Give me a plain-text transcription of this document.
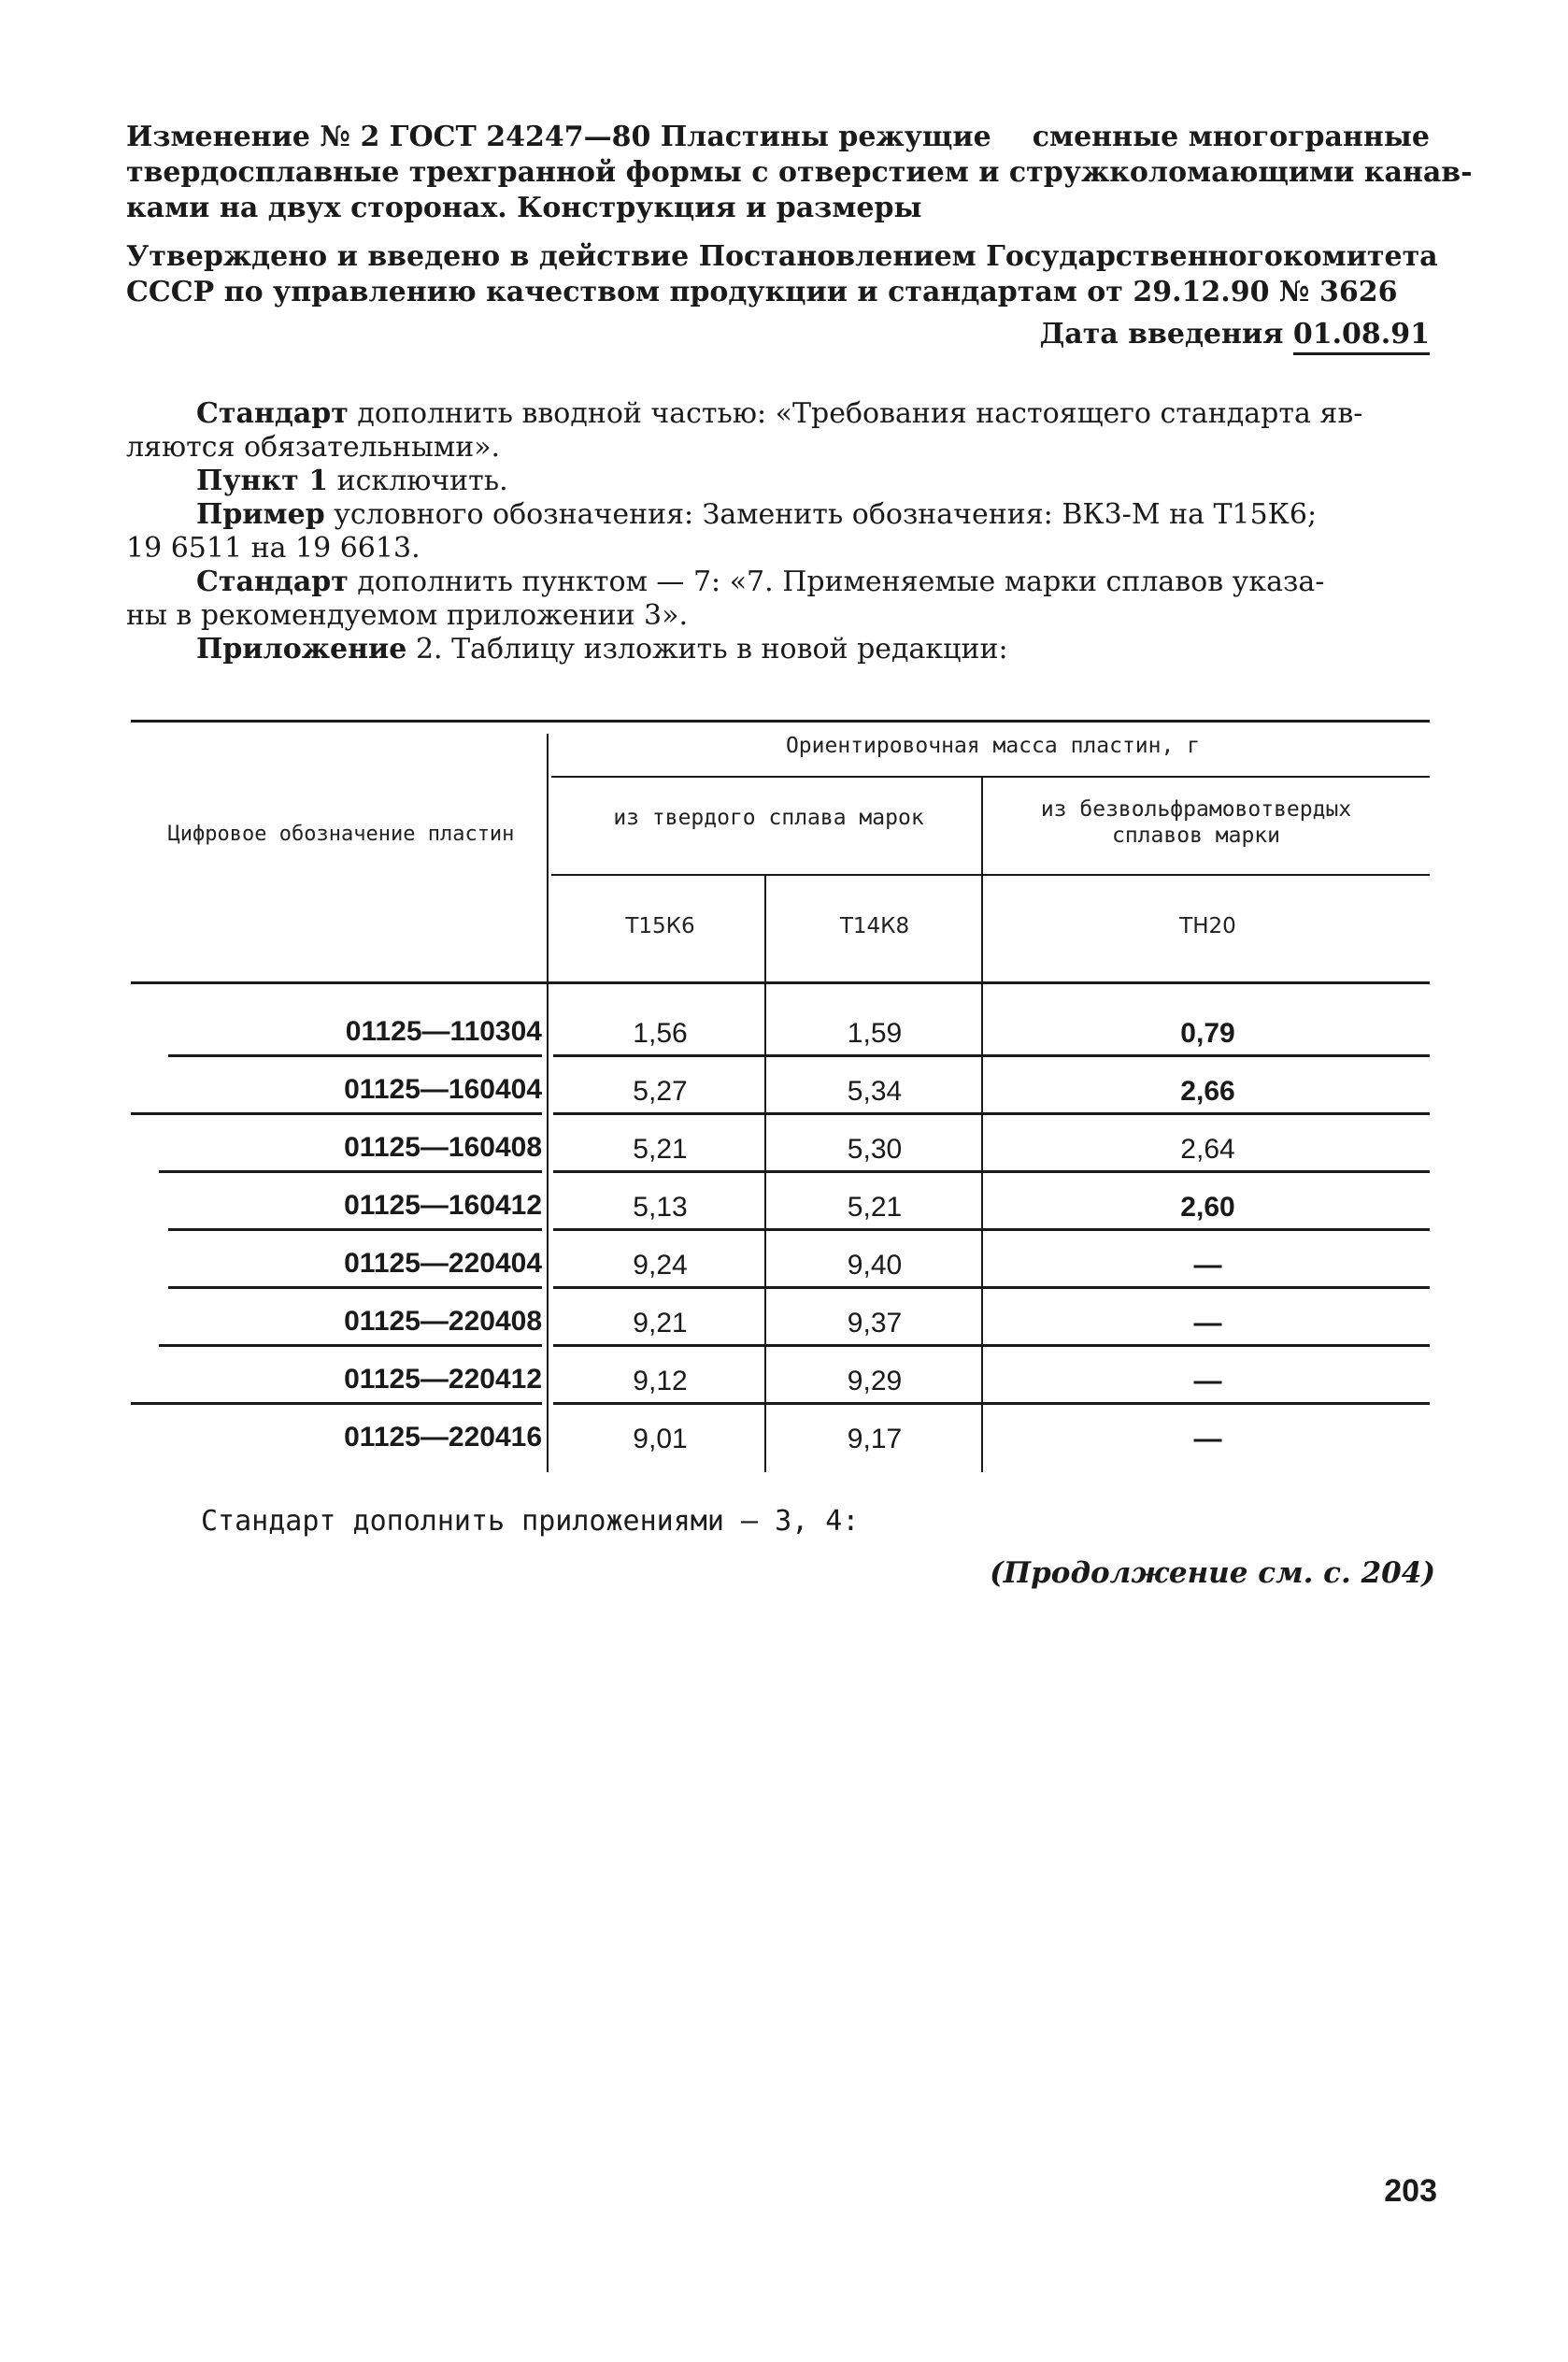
Изменение № 2 ГОСТ 24247—80 Пластины режущие сменные многогранные
твердосплавные трехгранной формы с отверстием и стружколомающими канав-
ками на двух сторонах. Конструкция и размеры
Утверждено и введено в действие Постановлением Государственного комитета
СССР по управлению качеством продукции и стандартам от 29.12.90 № 3626
Дата введения 01.08.91

Стандарт дополнить вводной частью: «Требования настоящего стандарта яв-

ляются обязательными».

Пункт 1 исключить.

Пример условного обозначения: Заменить обозначения: ВК3-М на Т15К6;

19 6511 на 19 6613.

Стандарт дополнить пунктом — 7: «7. Применяемые марки сплавов указа-

ны в рекомендуемом приложении 3».

Приложение 2. Таблицу изложить в новой редакции:

Цифровое обозначение пластин
Ориентировочная масса пластин, г
из твердого сплава марок	из безвольфрамовотвердых сплавов марки
Т15К6	Т14К8	ТН20
01125—110304	1,56	1,59	0,79
01125—160404	5,27	5,34	2,66
01125—160408	5,21	5,30	2,64
01125—160412	5,13	5,21	2,60
01125—220404	9,24	9,40	—
01125—220408	9,21	9,37	—
01125—220412	9,12	9,29	—
01125—220416	9,01	9,17	—
Стандарт дополнить приложениями — 3, 4:
(Продолжение см. с. 204)
203
